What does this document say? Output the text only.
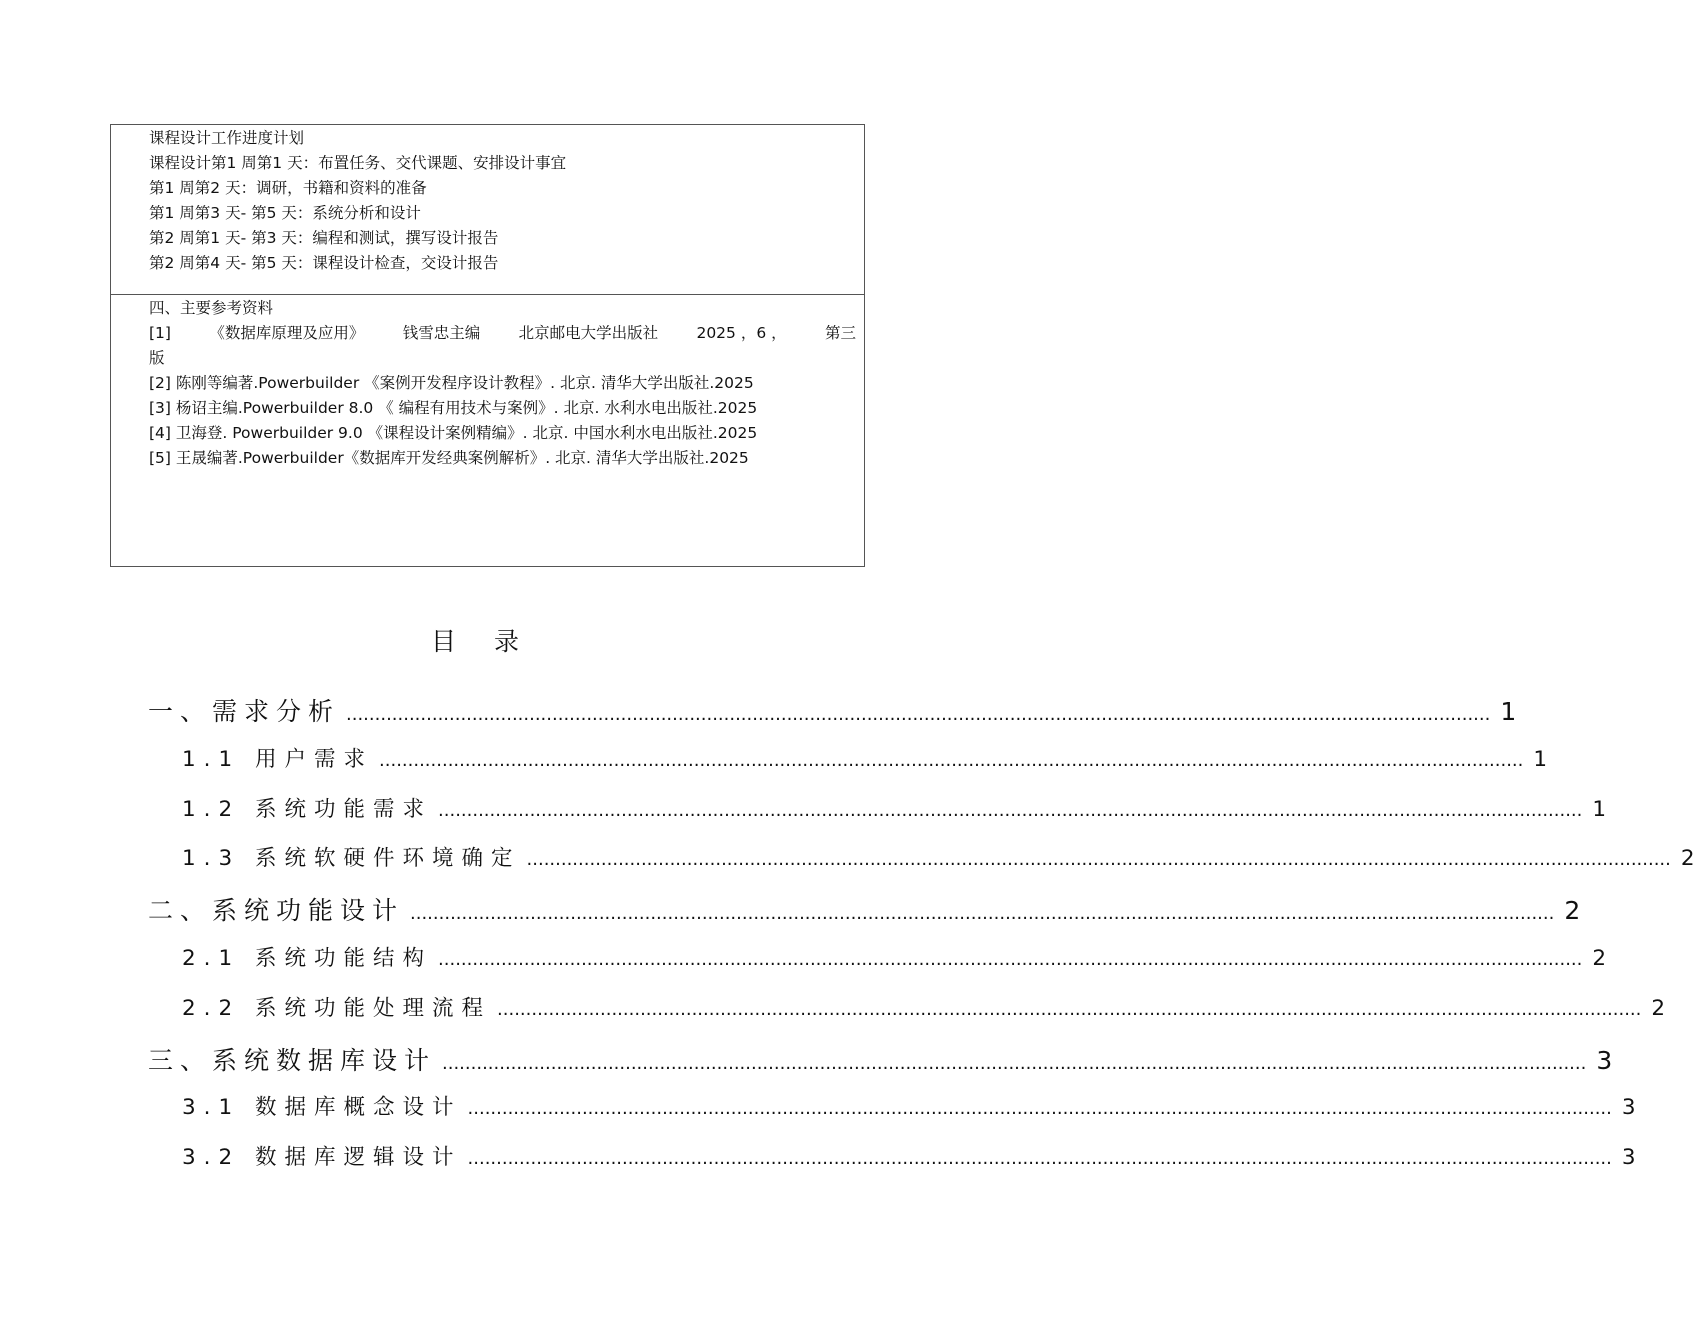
课程设计工作进度计划
课程设计第1 周第1 天：布置任务、交代课题、安排设计事宜
第1 周第2 天：调研，书籍和资料的准备
第1 周第3 天- 第5 天：系统分析和设计
第2 周第1 天- 第3 天：编程和测试，撰写设计报告
第2 周第4 天- 第5 天：课程设计检查，交设计报告
四、主要参考资料
[1] 《数据库原理及应用》 钱雪忠主编 北京邮电大学出版社 2025 ，6 ， 第三
版
[2] 陈刚等编著.Powerbuilder 《案例开发程序设计教程》. 北京. 清华大学出版社.2025
[3] 杨诏主编.Powerbuilder 8.0 《 编程有用技术与案例》. 北京. 水利水电出版社.2025
[4] 卫海登. Powerbuilder 9.0 《课程设计案例精编》. 北京. 中国水利水电出版社.2025
[5] 王晟编著.Powerbuilder《数据库开发经典案例解析》. 北京. 清华大学出版社.2025
目 录
一、需求分析 ........................................................................................................................................................................................................ 1
1.1 用户需求 ........................................................................................................................................................................................................ 1
1.2 系统功能需求 ........................................................................................................................................................................................................ 1
1.3 系统软硬件环境确定 ........................................................................................................................................................................................................ 2
二、系统功能设计 ........................................................................................................................................................................................................ 2
2.1 系统功能结构 ........................................................................................................................................................................................................ 2
2.2 系统功能处理流程 ........................................................................................................................................................................................................ 2
三、系统数据库设计 ........................................................................................................................................................................................................ 3
3.1 数据库概念设计 ........................................................................................................................................................................................................ 3
3.2 数据库逻辑设计 ........................................................................................................................................................................................................ 3
